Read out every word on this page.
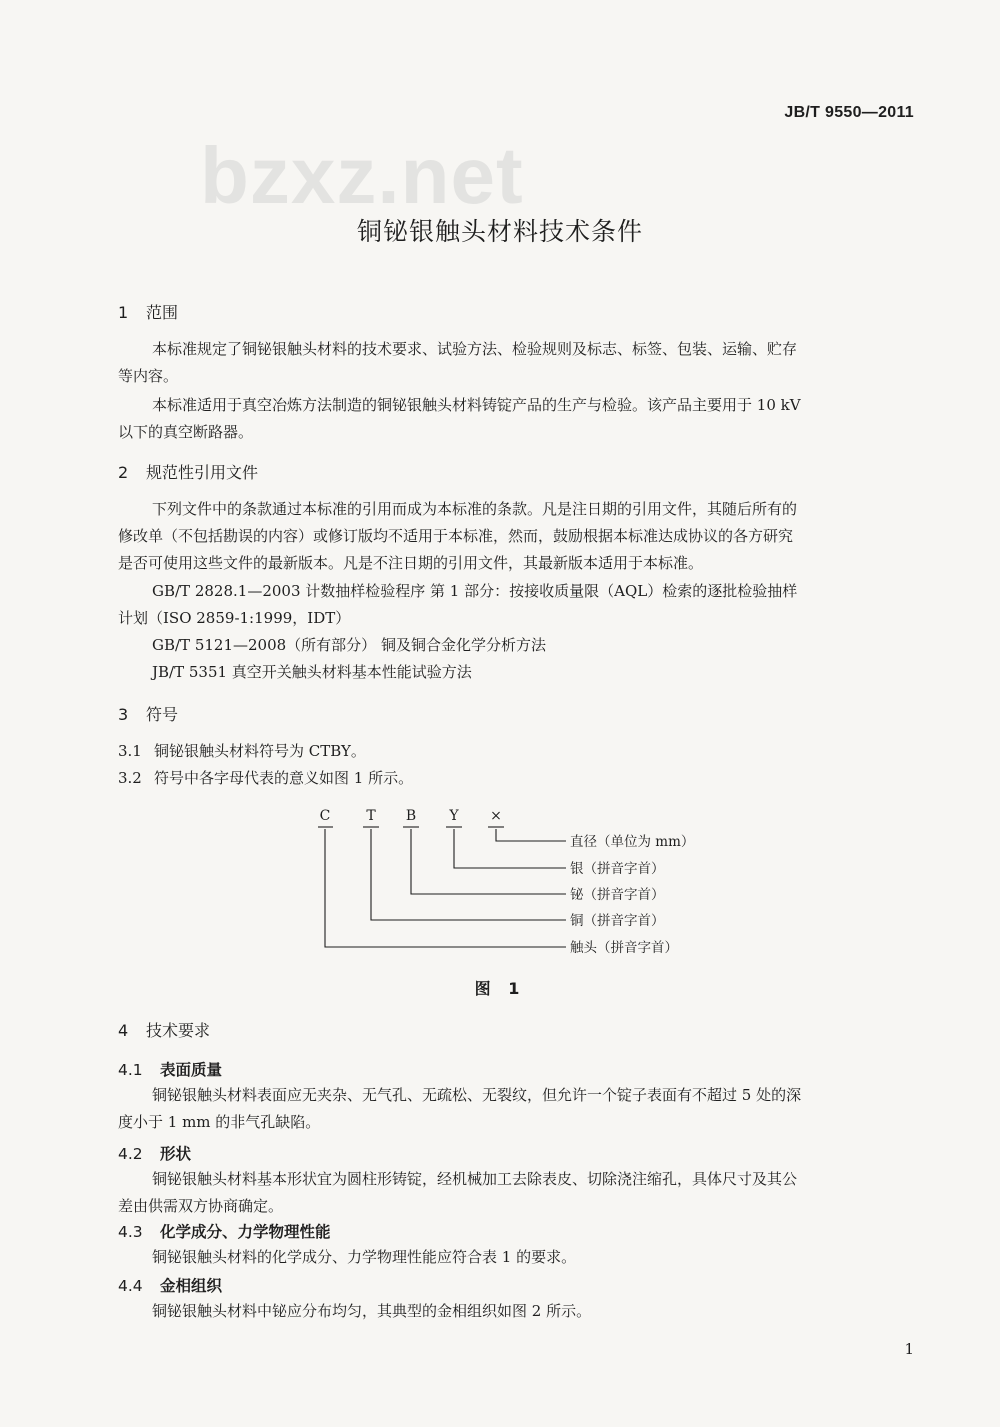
JB/T 9550—2011
bzxz.net
铜铋银触头材料技术条件
1 范围
本标准规定了铜铋银触头材料的技术要求、试验方法、检验规则及标志、标签、包装、运输、贮存
等内容。
本标准适用于真空冶炼方法制造的铜铋银触头材料铸锭产品的生产与检验。该产品主要用于 10 kV
以下的真空断路器。
2 规范性引用文件
下列文件中的条款通过本标准的引用而成为本标准的条款。凡是注日期的引用文件，其随后所有的
修改单（不包括勘误的内容）或修订版均不适用于本标准，然而，鼓励根据本标准达成协议的各方研究
是否可使用这些文件的最新版本。凡是不注日期的引用文件，其最新版本适用于本标准。
GB/T 2828.1—2003 计数抽样检验程序 第 1 部分：按接收质量限（AQL）检索的逐批检验抽样
计划（ISO 2859-1:1999，IDT）
GB/T 5121—2008（所有部分） 铜及铜合金化学分析方法
JB/T 5351 真空开关触头材料基本性能试验方法
3 符号
3.1 铜铋银触头材料符号为 CTBY。
3.2 符号中各字母代表的意义如图 1 所示。
C	T B Y ×
直径（单位为 mm）
银（拼音字首）
铋（拼音字首）
铜（拼音字首）
触头（拼音字首）
图 1
4 技术要求
4.1 表面质量
铜铋银触头材料表面应无夹杂、无气孔、无疏松、无裂纹，但允许一个锭子表面有不超过 5 处的深
度小于 1 mm 的非气孔缺陷。
4.2 形状
铜铋银触头材料基本形状宜为圆柱形铸锭，经机械加工去除表皮、切除浇注缩孔，具体尺寸及其公
差由供需双方协商确定。
4.3 化学成分、力学物理性能
铜铋银触头材料的化学成分、力学物理性能应符合表 1 的要求。
4.4 金相组织
铜铋银触头材料中铋应分布均匀，其典型的金相组织如图 2 所示。
1
